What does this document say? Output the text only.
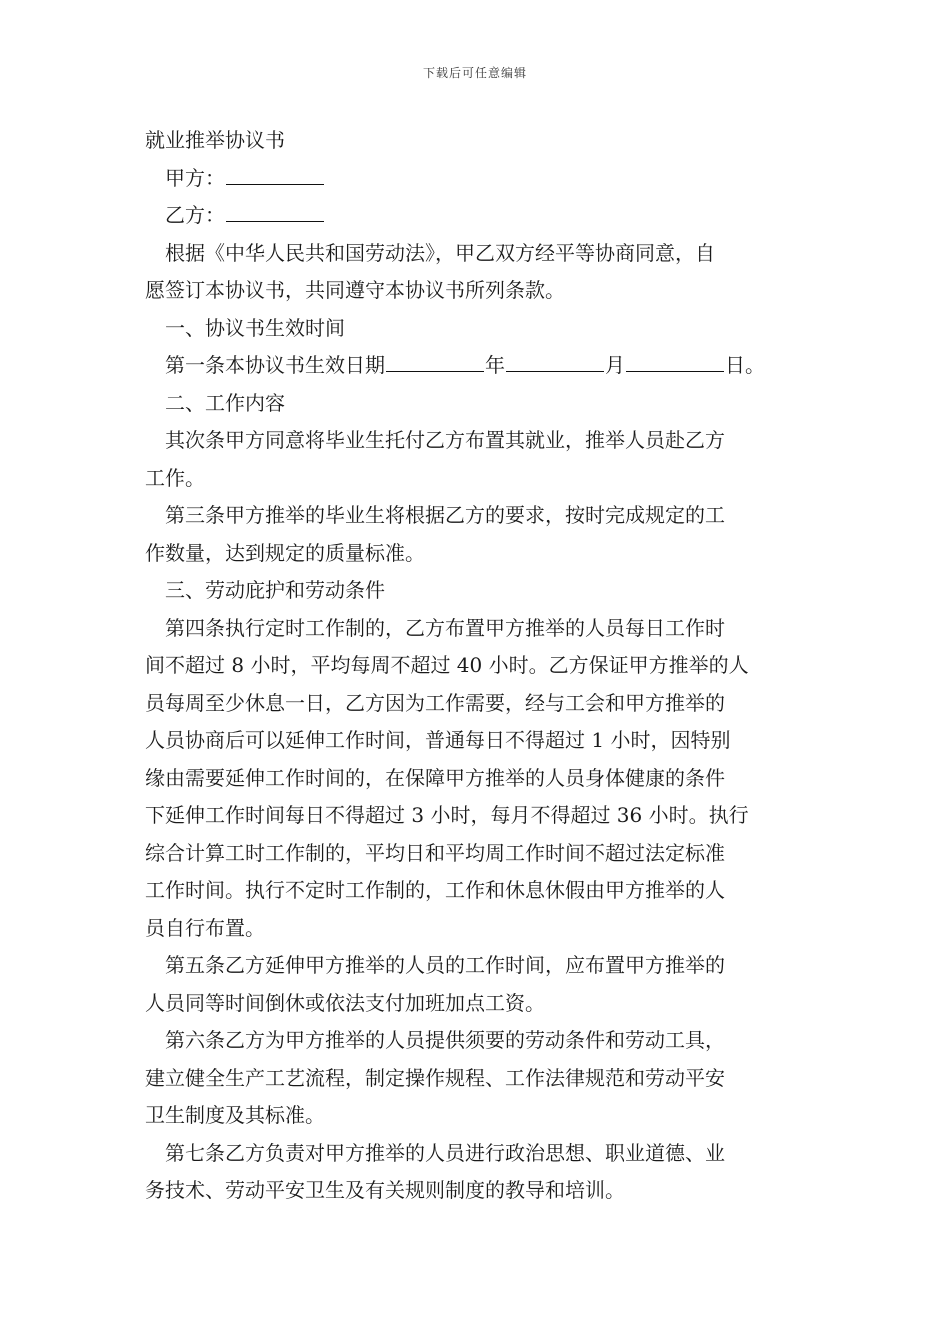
下载后可任意编辑
就业推举协议书
甲方：
乙方：
根据《中华人民共和国劳动法》，甲乙双方经平等协商同意，自
愿签订本协议书，共同遵守本协议书所列条款。
一、协议书生效时间
第一条本协议书生效日期	年	月	日。
二、工作内容
其次条甲方同意将毕业生托付乙方布置其就业，推举人员赴乙方
工作。
第三条甲方推举的毕业生将根据乙方的要求，按时完成规定的工
作数量，达到规定的质量标准。
三、劳动庇护和劳动条件
第四条执行定时工作制的，乙方布置甲方推举的人员每日工作时
间不超过 8 小时，平均每周不超过 40 小时。乙方保证甲方推举的人
员每周至少休息一日，乙方因为工作需要，经与工会和甲方推举的
人员协商后可以延伸工作时间，普通每日不得超过 1 小时，因特别
缘由需要延伸工作时间的，在保障甲方推举的人员身体健康的条件
下延伸工作时间每日不得超过 3 小时，每月不得超过 36 小时。执行
综合计算工时工作制的，平均日和平均周工作时间不超过法定标准
工作时间。执行不定时工作制的，工作和休息休假由甲方推举的人
员自行布置。
第五条乙方延伸甲方推举的人员的工作时间，应布置甲方推举的
人员同等时间倒休或依法支付加班加点工资。
第六条乙方为甲方推举的人员提供须要的劳动条件和劳动工具，
建立健全生产工艺流程，制定操作规程、工作法律规范和劳动平安
卫生制度及其标准。
第七条乙方负责对甲方推举的人员进行政治思想、职业道德、业
务技术、劳动平安卫生及有关规则制度的教导和培训。
